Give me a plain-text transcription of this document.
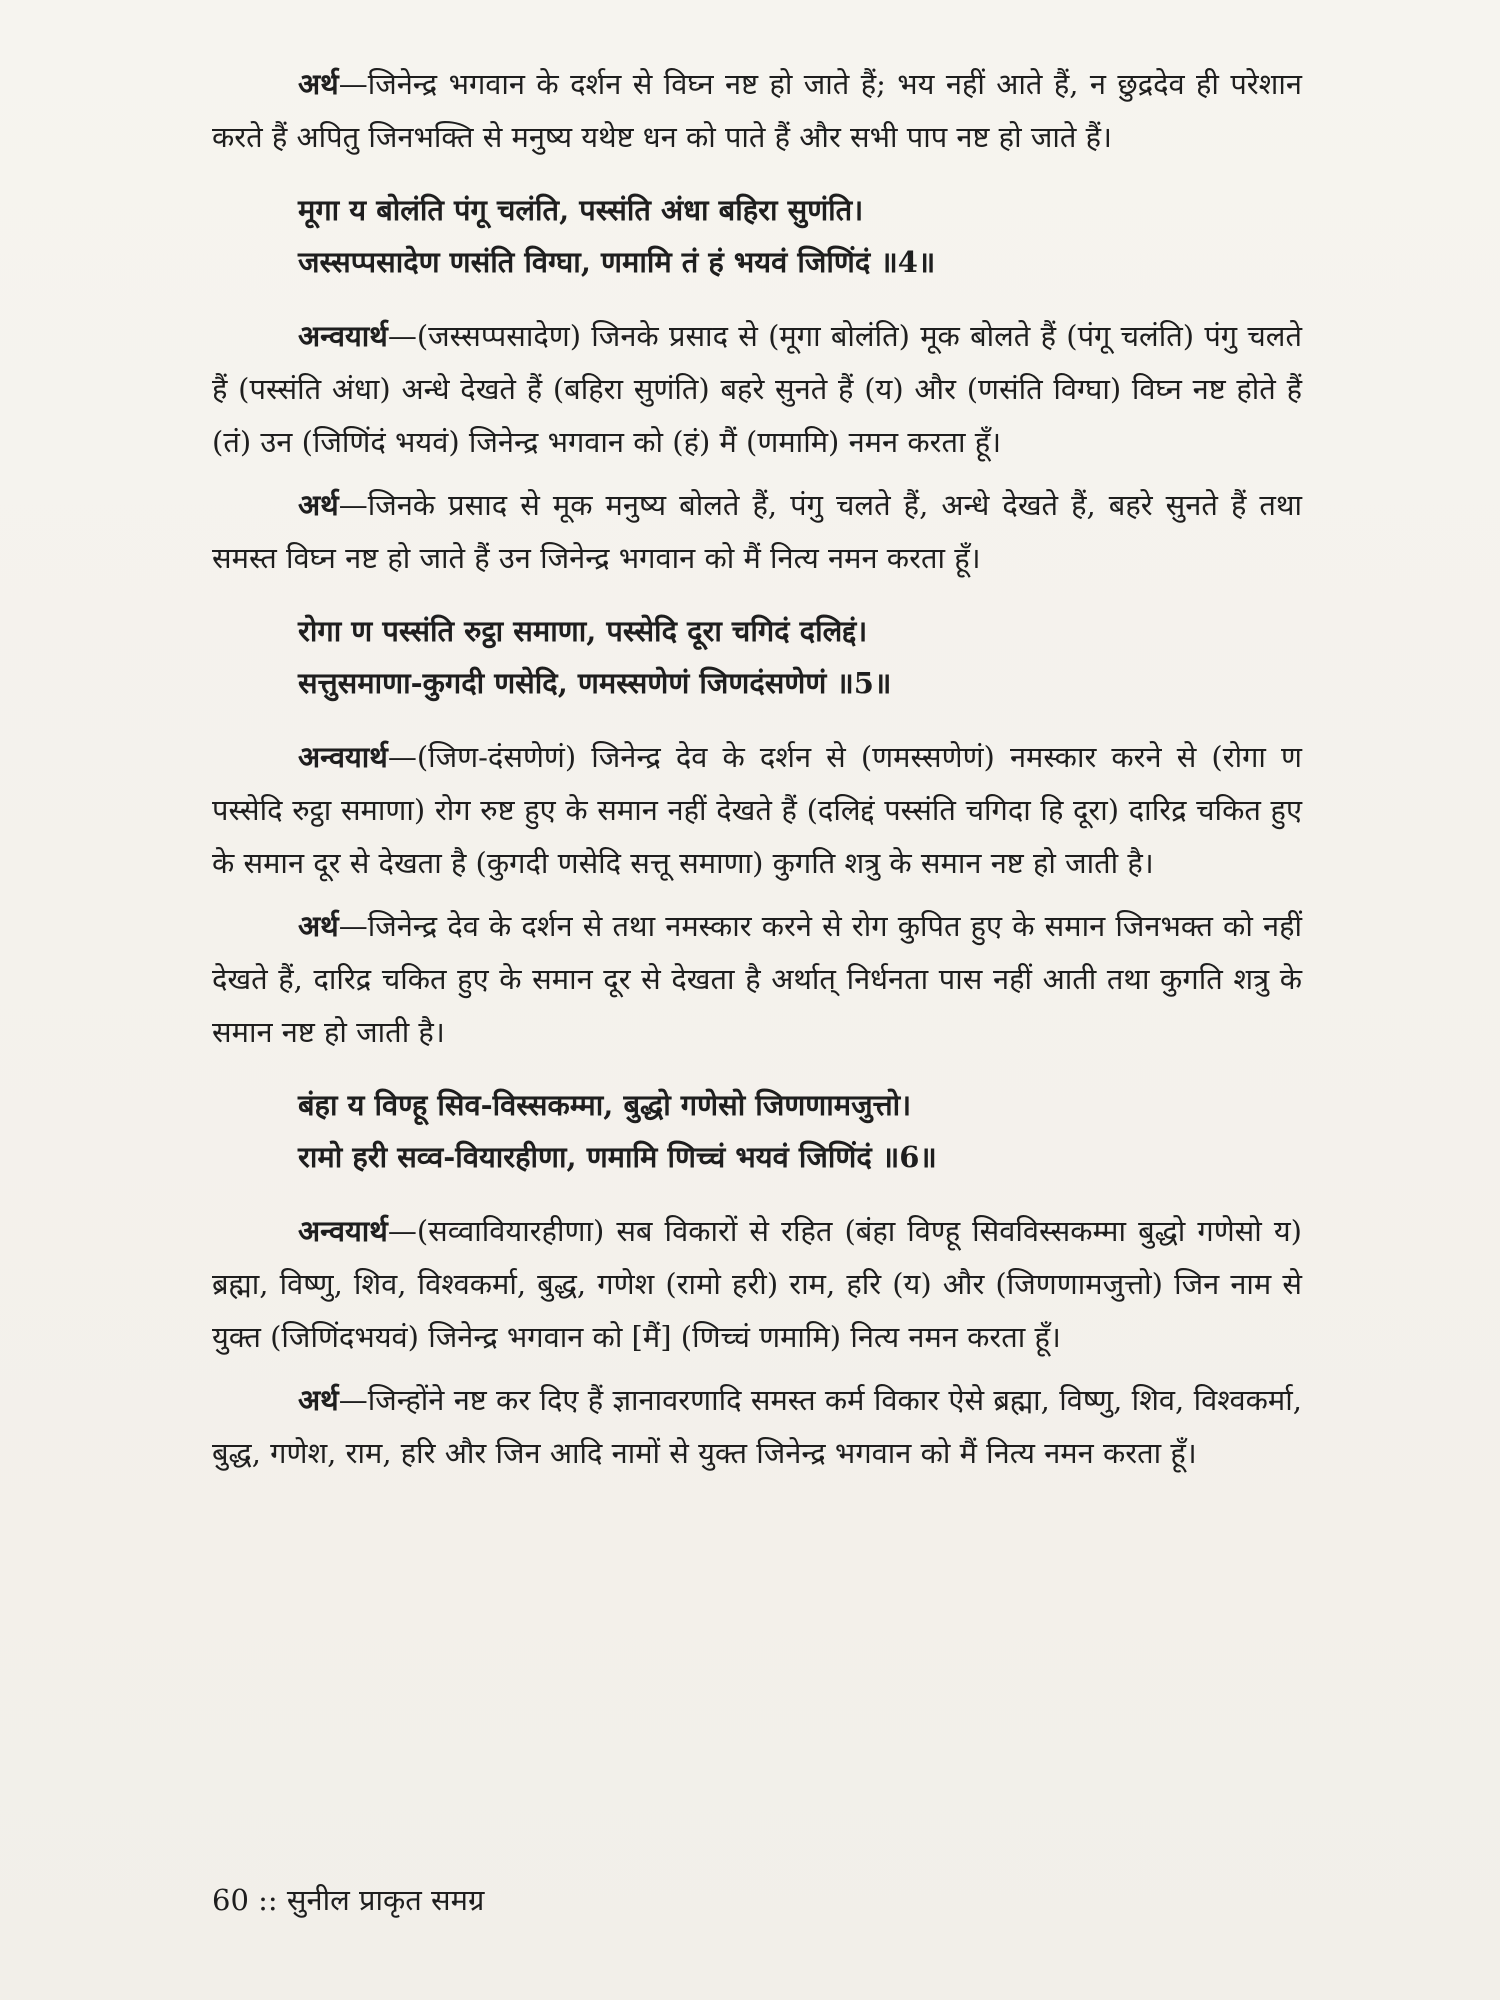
अर्थ—जिनेन्द्र भगवान के दर्शन से विघ्न नष्ट हो जाते हैं; भय नहीं आते हैं, न छुद्रदेव ही परेशान करते हैं अपितु जिनभक्ति से मनुष्य यथेष्ट धन को पाते हैं और सभी पाप नष्ट हो जाते हैं।

मूगा य बोलंति पंगू चलंति, पस्संति अंधा बहिरा सुणंति।
जस्सप्पसादेण णसंति विग्घा, णमामि तं हं भयवं जिणिंदं ॥4॥

अन्वयार्थ—(जस्सप्पसादेण) जिनके प्रसाद से (मूगा बोलंति) मूक बोलते हैं (पंगू चलंति) पंगु चलते हैं (पस्संति अंधा) अन्धे देखते हैं (बहिरा सुणंति) बहरे सुनते हैं (य) और (णसंति विग्घा) विघ्न नष्ट होते हैं (तं) उन (जिणिंदं भयवं) जिनेन्द्र भगवान को (हं) मैं (णमामि) नमन करता हूँ।

अर्थ—जिनके प्रसाद से मूक मनुष्य बोलते हैं, पंगु चलते हैं, अन्धे देखते हैं, बहरे सुनते हैं तथा समस्त विघ्न नष्ट हो जाते हैं उन जिनेन्द्र भगवान को मैं नित्य नमन करता हूँ।

रोगा ण पस्संति रुट्ठा समाणा, पस्सेदि दूरा चगिदं दलिद्दं।
सत्तुसमाणा-कुगदी णसेदि, णमस्सणेणं जिणदंसणेणं ॥5॥

अन्वयार्थ—(जिण-दंसणेणं) जिनेन्द्र देव के दर्शन से (णमस्सणेणं) नमस्कार करने से (रोगा ण पस्सेदि रुट्ठा समाणा) रोग रुष्ट हुए के समान नहीं देखते हैं (दलिद्दं पस्संति चगिदा हि दूरा) दारिद्र चकित हुए के समान दूर से देखता है (कुगदी णसेदि सत्तू समाणा) कुगति शत्रु के समान नष्ट हो जाती है।

अर्थ—जिनेन्द्र देव के दर्शन से तथा नमस्कार करने से रोग कुपित हुए के समान जिनभक्त को नहीं देखते हैं, दारिद्र चकित हुए के समान दूर से देखता है अर्थात् निर्धनता पास नहीं आती तथा कुगति शत्रु के समान नष्ट हो जाती है।

बंहा य विण्हू सिव-विस्सकम्मा, बुद्धो गणेसो जिणणामजुत्तो।
रामो हरी सव्व-वियारहीणा, णमामि णिच्चं भयवं जिणिंदं ॥6॥

अन्वयार्थ—(सव्वावियारहीणा) सब विकारों से रहित (बंहा विण्हू सिवविस्सकम्मा बुद्धो गणेसो य) ब्रह्मा, विष्णु, शिव, विश्वकर्मा, बुद्ध, गणेश (रामो हरी) राम, हरि (य) और (जिणणामजुत्तो) जिन नाम से युक्त (जिणिंदभयवं) जिनेन्द्र भगवान को [मैं] (णिच्चं णमामि) नित्य नमन करता हूँ।

अर्थ—जिन्होंने नष्ट कर दिए हैं ज्ञानावरणादि समस्त कर्म विकार ऐसे ब्रह्मा, विष्णु, शिव, विश्वकर्मा, बुद्ध, गणेश, राम, हरि और जिन आदि नामों से युक्त जिनेन्द्र भगवान को मैं नित्य नमन करता हूँ।

60 :: सुनील प्राकृत समग्र
